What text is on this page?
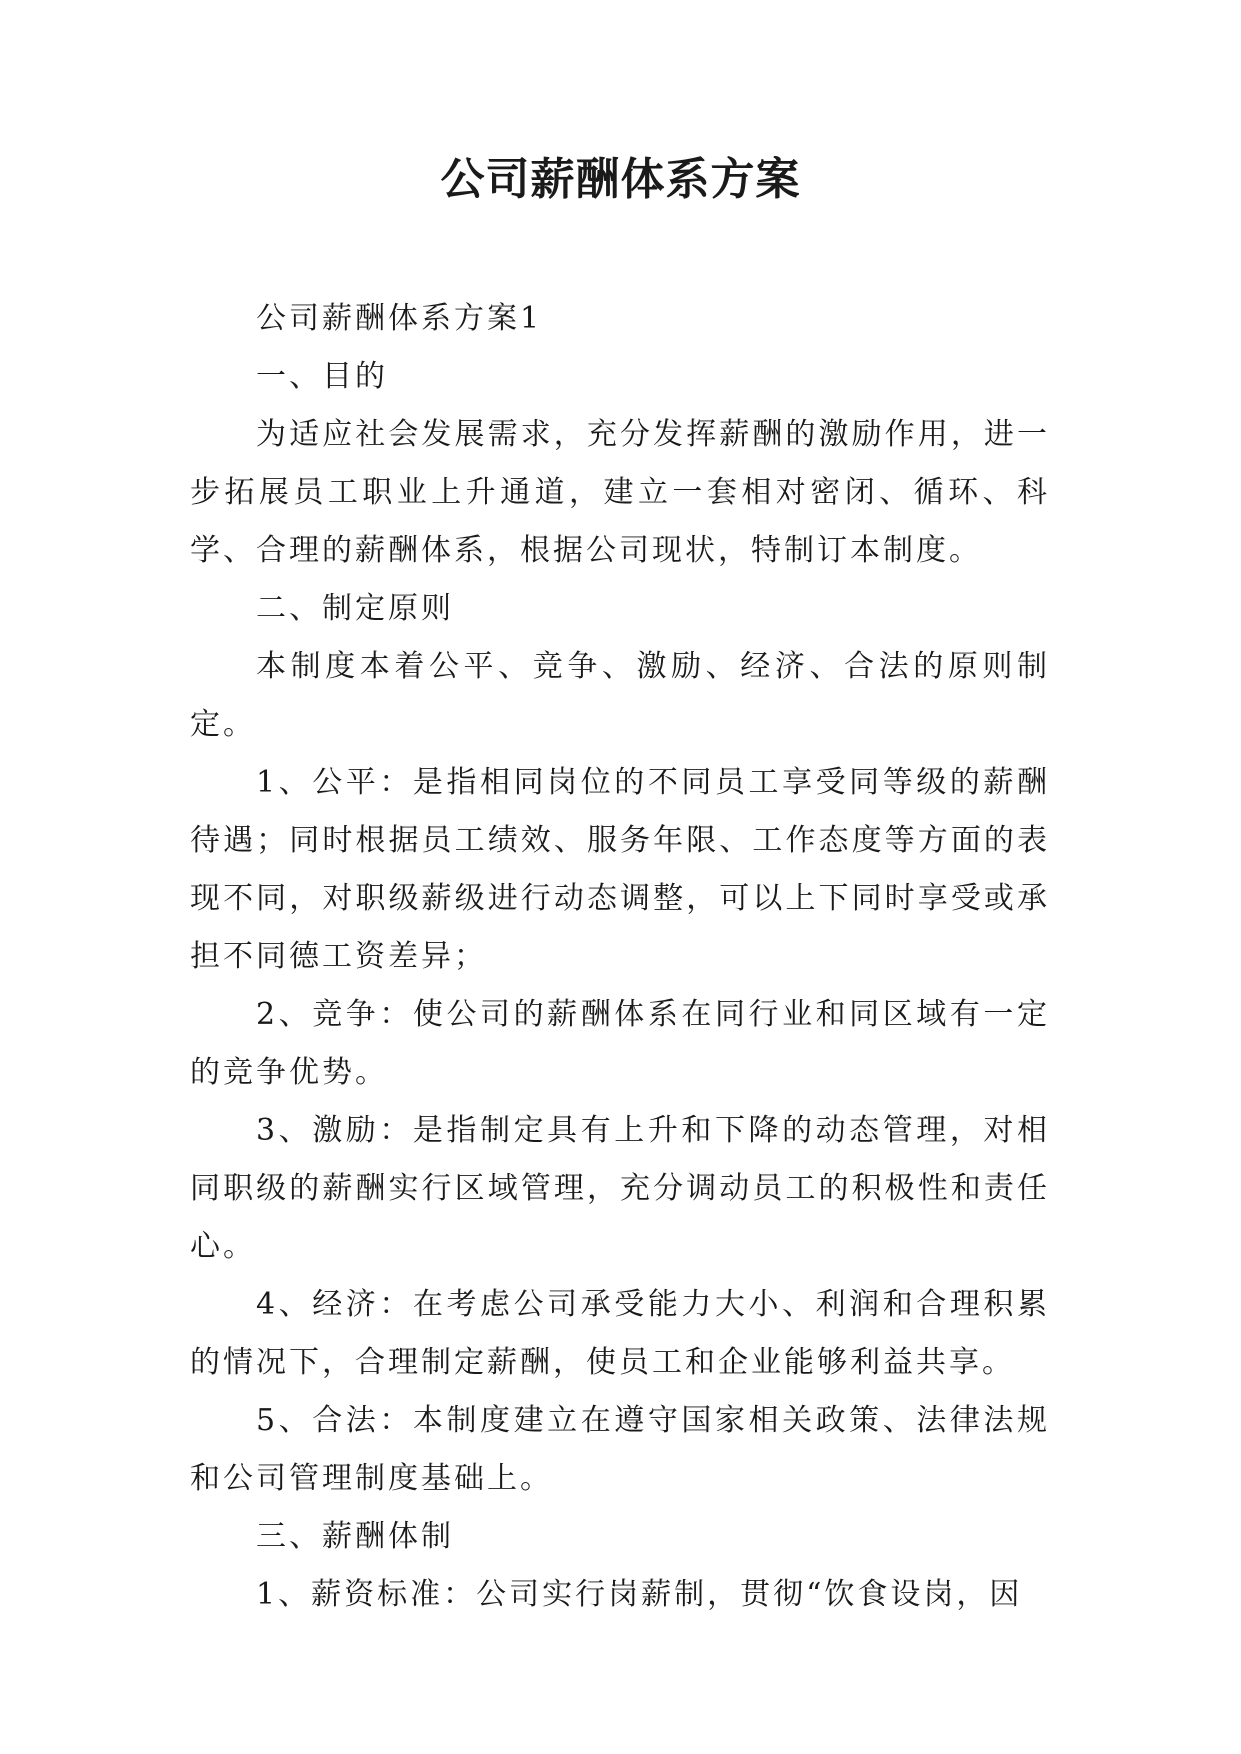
公司薪酬体系方案

公司薪酬体系方案1

一、目的

为适应社会发展需求，充分发挥薪酬的激励作用，进一步拓展员工职业上升通道，建立一套相对密闭、循环、科学、合理的薪酬体系，根据公司现状，特制订本制度。

二、制定原则

本制度本着公平、竞争、激励、经济、合法的原则制定。

1、公平：是指相同岗位的不同员工享受同等级的薪酬待遇；同时根据员工绩效、服务年限、工作态度等方面的表现不同，对职级薪级进行动态调整，可以上下同时享受或承担不同德工资差异；

2、竞争：使公司的薪酬体系在同行业和同区域有一定的竞争优势。

3、激励：是指制定具有上升和下降的动态管理，对相同职级的薪酬实行区域管理，充分调动员工的积极性和责任心。

4、经济：在考虑公司承受能力大小、利润和合理积累的情况下，合理制定薪酬，使员工和企业能够利益共享。

5、合法：本制度建立在遵守国家相关政策、法律法规和公司管理制度基础上。

三、薪酬体制

1、薪资标准：公司实行岗薪制，贯彻“饮食设岗，因
